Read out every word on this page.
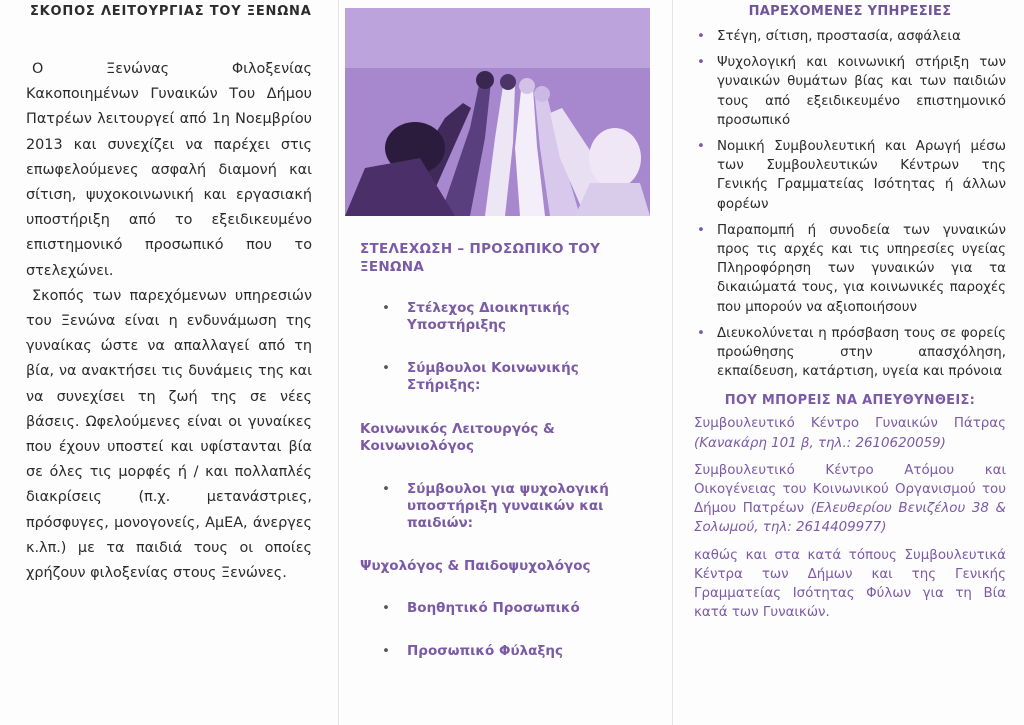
ΣΚΟΠΟΣ ΛΕΙΤΟΥΡΓΙΑΣ ΤΟΥ ΞΕΝΩΝΑ

Ο Ξενώνας Φιλοξενίας Κακοποιημένων Γυναικών Του Δήμου Πατρέων λειτουργεί από 1η Νοεμβρίου 2013 και συνεχίζει να παρέχει στις επωφελούμενες ασφαλή διαμονή και σίτιση, ψυχοκοινωνική και εργασιακή υποστήριξη από το εξειδικευμένο επιστημονικό προσωπικό που το στελεχώνει.

Σκοπός των παρεχόμενων υπηρεσιών του Ξενώνα είναι η ενδυνάμωση της γυναίκας ώστε να απαλλαγεί από τη βία, να ανακτήσει τις δυνάμεις της και να συνεχίσει τη ζωή της σε νέες βάσεις. Ωφελούμενες είναι οι γυναίκες που έχουν υποστεί και υφίστανται βία σε όλες τις μορφές ή / και πολλαπλές διακρίσεις (π.χ. μετανάστριες, πρόσφυγες, μονογονείς, ΑμΕΑ, άνεργες κ.λπ.) με τα παιδιά τους οι οποίες χρήζουν φιλοξενίας στους Ξενώνες.

ΣΤΕΛΕΧΩΣΗ – ΠΡΟΣΩΠΙΚΟ ΤΟΥ ΞΕΝΩΝΑ
• Στέλεχος Διοικητικής Υποστήριξης
• Σύμβουλοι Κοινωνικής Στήριξης:
Κοινωνικός Λειτουργός & Κοινωνιολόγος
• Σύμβουλοι για ψυχολογική υποστήριξη γυναικών και παιδιών:
Ψυχολόγος & Παιδοψυχολόγος
• Βοηθητικό Προσωπικό
• Προσωπικό Φύλαξης
ΠΑΡΕΧΟΜΕΝΕΣ ΥΠΗΡΕΣΙΕΣ
• Στέγη, σίτιση, προστασία, ασφάλεια
• Ψυχολογική και κοινωνική στήριξη των γυναικών θυμάτων βίας και των παιδιών τους από εξειδικευμένο επιστημονικό προσωπικό
• Νομική Συμβουλευτική και Αρωγή μέσω των Συμβουλευτικών Κέντρων της Γενικής Γραμματείας Ισότητας ή άλλων φορέων
• Παραπομπή ή συνοδεία των γυναικών προς τις αρχές και τις υπηρεσίες υγείας Πληροφόρηση των γυναικών για τα δικαιώματά τους, για κοινωνικές παροχές που μπορούν να αξιοποιήσουν
• Διευκολύνεται η πρόσβαση τους σε φορείς προώθησης στην απασχόληση, εκπαίδευση, κατάρτιση, υγεία και πρόνοια
ΠΟΥ ΜΠΟΡΕΙΣ ΝΑ ΑΠΕΥΘΥΝΘΕΙΣ:
Συμβουλευτικό Κέντρο Γυναικών Πάτρας (Κανακάρη 101 β, τηλ.: 2610620059)
Συμβουλευτικό Κέντρο Ατόμου και Οικογένειας του Κοινωνικού Οργανισμού του Δήμου Πατρέων (Ελευθερίου Βενιζέλου 38 & Σολωμού, τηλ: 2614409977)
καθώς και στα κατά τόπους Συμβουλευτικά Κέντρα των Δήμων και της Γενικής Γραμματείας Ισότητας Φύλων για τη Βία κατά των Γυναικών.
